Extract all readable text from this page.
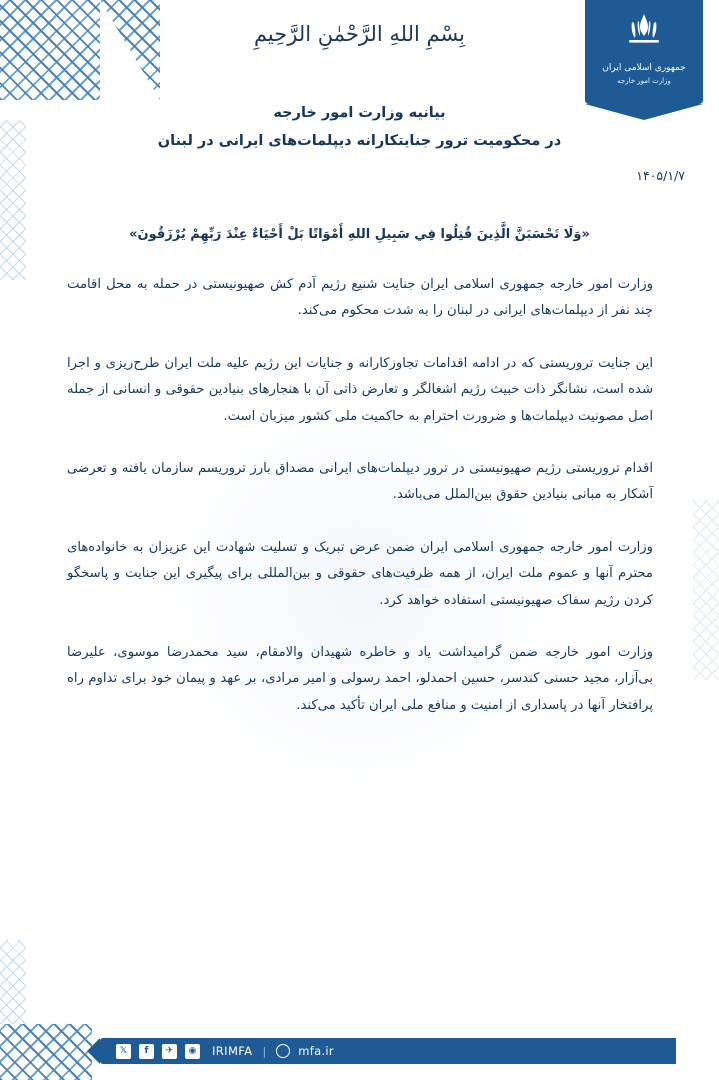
جمهوری اسلامی ایران
وزارت امور خارجه
بِسْمِ اللهِ الرَّحْمٰنِ الرَّحِيمِ
بیانیه وزارت امور خارجه
در محکومیت ترور جنایتکارانه دیپلمات‌های ایرانی در لبنان
۱۴۰۵/۱/۷
«وَلَا تَحْسَبَنَّ الَّذِينَ قُتِلُوا فِي سَبِيلِ اللهِ أَمْوَاتًا بَلْ أَحْيَاءٌ عِنْدَ رَبِّهِمْ يُرْزَقُونَ»

وزارت امور خارجه جمهوری اسلامی ایران جنایت شنیع رژیم آدم کش صهیونیستی در حمله به محل اقامت چند نفر از دیپلمات‌های ایرانی در لبنان را به شدت محکوم می‌کند.

این جنایت تروریستی که در ادامه اقدامات تجاوزکارانه و جنایات این رژیم علیه ملت ایران طرح‌ریزی و اجرا شده است، نشانگر ذات خبیث رژیم اشغالگر و تعارض ذاتی آن با هنجارهای بنیادین حقوقی و انسانی از جمله اصل مصونیت دیپلمات‌ها و ضرورت احترام به حاکمیت ملی کشور میزبان است.

اقدام تروریستی رژیم صهیونیستی در ترور دیپلمات‌های ایرانی مصداق بارز تروریسم سازمان یافته و تعرضی آشکار به مبانی بنیادین حقوق بین‌الملل می‌باشد.

وزارت امور خارجه جمهوری اسلامی ایران ضمن عرض تبریک و تسلیت شهادت این عزیزان به خانواده‌های محترم آنها و عموم ملت ایران، از همه ظرفیت‌های حقوقی و بین‌المللی برای پیگیری این جنایت و پاسخگو کردن رژیم سفاک صهیونیستی استفاده خواهد کرد.

وزارت امور خارجه ضمن گرامیداشت یاد و خاطره شهیدان والامقام، سید محمدرضا موسوی، علیرضا بی‌آزار، مجید حسنی کندسر، حسین احمدلو، احمد رسولی و امیر مرادی، بر عهد و پیمان خود برای تداوم راه پرافتخار آنها در پاسداری از امنیت و منافع ملی ایران تأکید می‌کند.

𝕏	f	✈	◉	IRIMFA |	mfa.ir
